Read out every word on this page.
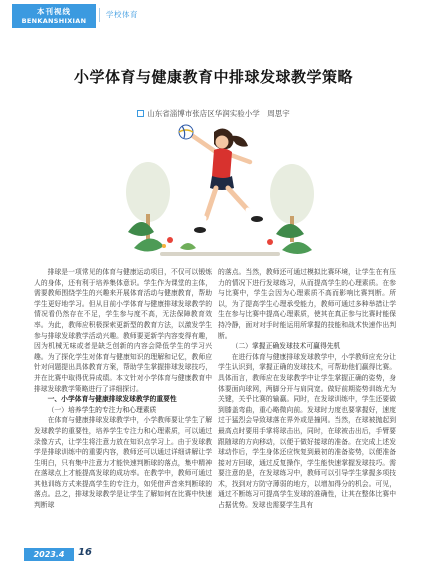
本刊视线
BENKANSHIXIAN
学校体育
小学体育与健康教育中排球发球教学策略
山东省淄博市张店区华润实验小学　周思宇

排球是一项常见的体育与健康运动项目，不仅可以锻炼人的身体，还有利于培养集体意识。学生作为课堂的主体，需要教师围绕学生的兴趣来开展体育活动与健康教育，帮助学生更好地学习。但从目前小学体育与健康排球发球教学的情况看仍然存在不足，学生参与度不高，无法保障教育效率。为此，教师应积极探索更新型的教育方法，以激发学生参与排球发球教学活动兴趣。教师要更新学内容变得有趣，因为机械无味或者是缺乏创新的内容会降低学生的学习兴趣。为了探化学生对体育与健康知识的理解和记忆，教师应针对问题提出具体教育方案，帮助学生掌握排球发球技巧，并在比赛中取得优异成绩。本文针对小学体育与健康教育中排球发球教学策略进行了详细探讨。

一、小学体育与健康排球发球教学的重要性

（一）培养学生的专注力和心理素质

在体育与健康排球发球教学中，小学教师要让学生了解发球教学的重要性，培养学生专注力和心理素质，可以通过录像方式，让学生将注意力放在知识点学习上。由于发球教学是排球训练中的重要内容，教师还可以通过详细讲解让学生明白，只有集中注意力才能快速判断球的落点，集中精神在落球点上才能提高发球的成功率。在教学中，教师可通过其他训练方式来提高学生的专注力，如凭借声音来判断球的落点。总之，排球发球教学是让学生了解如何在比赛中快速判断球

的落点。当然，教师还可通过模拟比赛环境，让学生在有压力的情况下进行发球练习，从而提高学生的心理素质。在参与比赛中，学生会因为心理素质不高而影响比赛判断。所以，为了提高学生心理承受能力，教师可通过多种举措让学生在参与比赛中提高心理素质，使其在真正参与比赛时能保持冷静，面对对手时能运用所掌握的技能和战术快速作出判断。

（二）掌握正确发球技术可赢得先机

在进行体育与健康排球发球教学中，小学教师应充分让学生认识到，掌握正确的发球技术，可帮助他们赢得比赛。具体而言，教师应在发球教学中让学生掌握正确的姿势，身体要面向球网，两脚分开与肩同宽。做好前期姿势训练尤为关键，关乎比赛的输赢。同时，在发球训练中，学生还要做到膝盖弯曲，重心略微向前。发球时力度也要掌握好，速度过于猛烈会导致球落在界外或是撞网。当然，在球被抛起到最高点时要用手掌将球击出，同时，在球被击出后，手臂要跟随球的方向移动，以便于做好接球的准备。在完成上述发球动作后，学生身体还应恢复到最初的准备姿势，以便准备接对方回球，通过反复操作，学生能快速掌握发球技巧。需要注意的是，在发球练习中，教师可以引导学生掌握多项技术，找到对方防守薄弱的地方，以增加得分的机会。可见，通过不断练习可提高学生发球的准确性，让其在整体比赛中占据优势。发球也需要学生具有

2023.4	16
